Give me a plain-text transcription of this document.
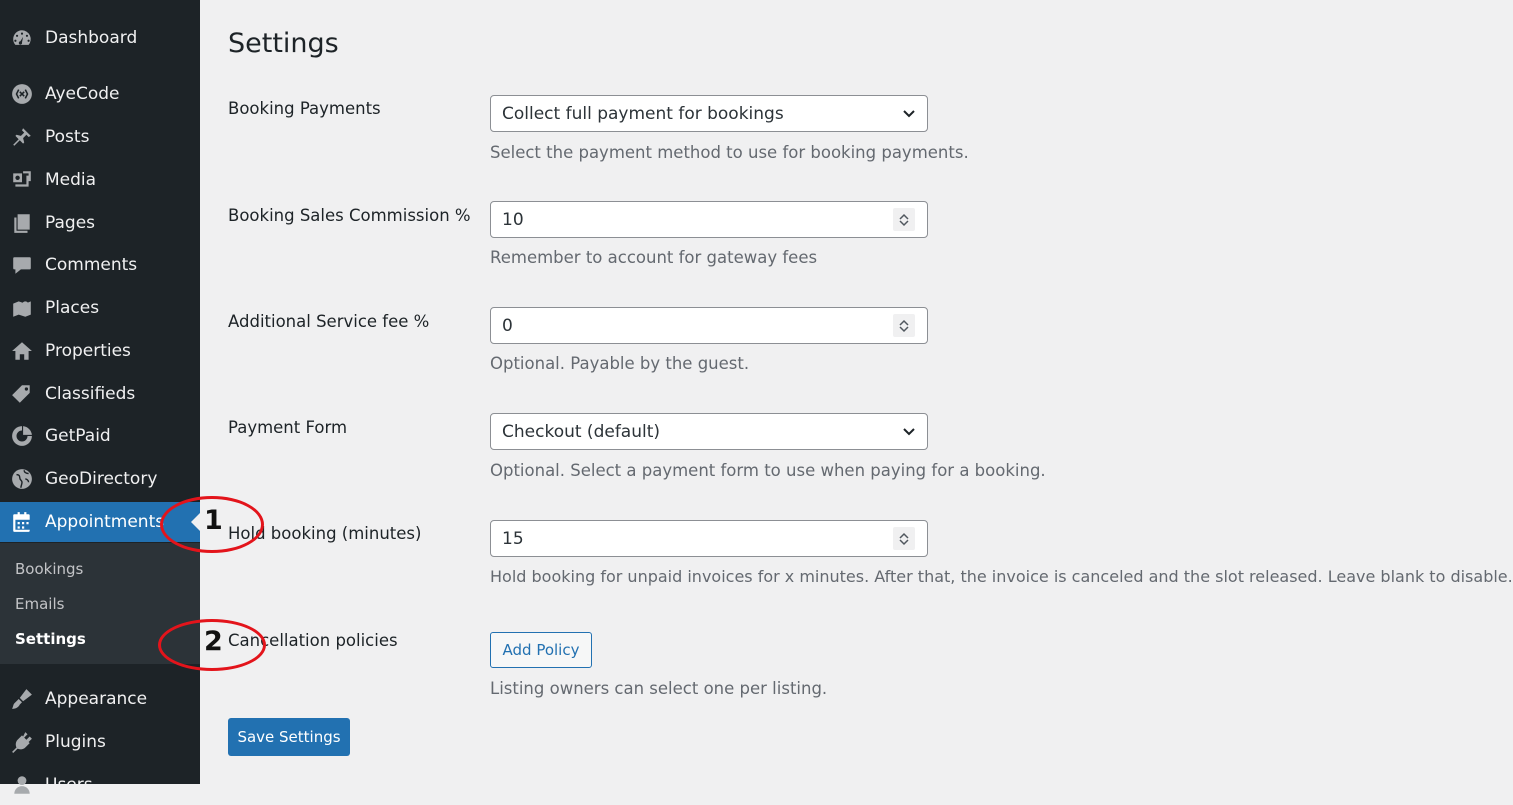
Dashboard
AyeCode
Posts
Media
Pages
Comments
Places
Properties
Classifieds
GetPaid
GeoDirectory
Appointments
Bookings
Emails
Settings
Appearance
Plugins
Users
Settings
Booking Payments	Collect full payment for bookings
Select the payment method to use for booking payments.
Booking Sales Commission % 10
Remember to account for gateway fees
Additional Service fee %	0
Optional. Payable by the guest.
Payment Form	Checkout (default)
Optional. Select a payment form to use when paying for a booking.
Hold booking (minutes)	15
Hold booking for unpaid invoices for x minutes. After that, the invoice is canceled and the slot released. Leave blank to disable.
Cancellation policies	Add Policy
Listing owners can select one per listing.
Save Settings
1
2
